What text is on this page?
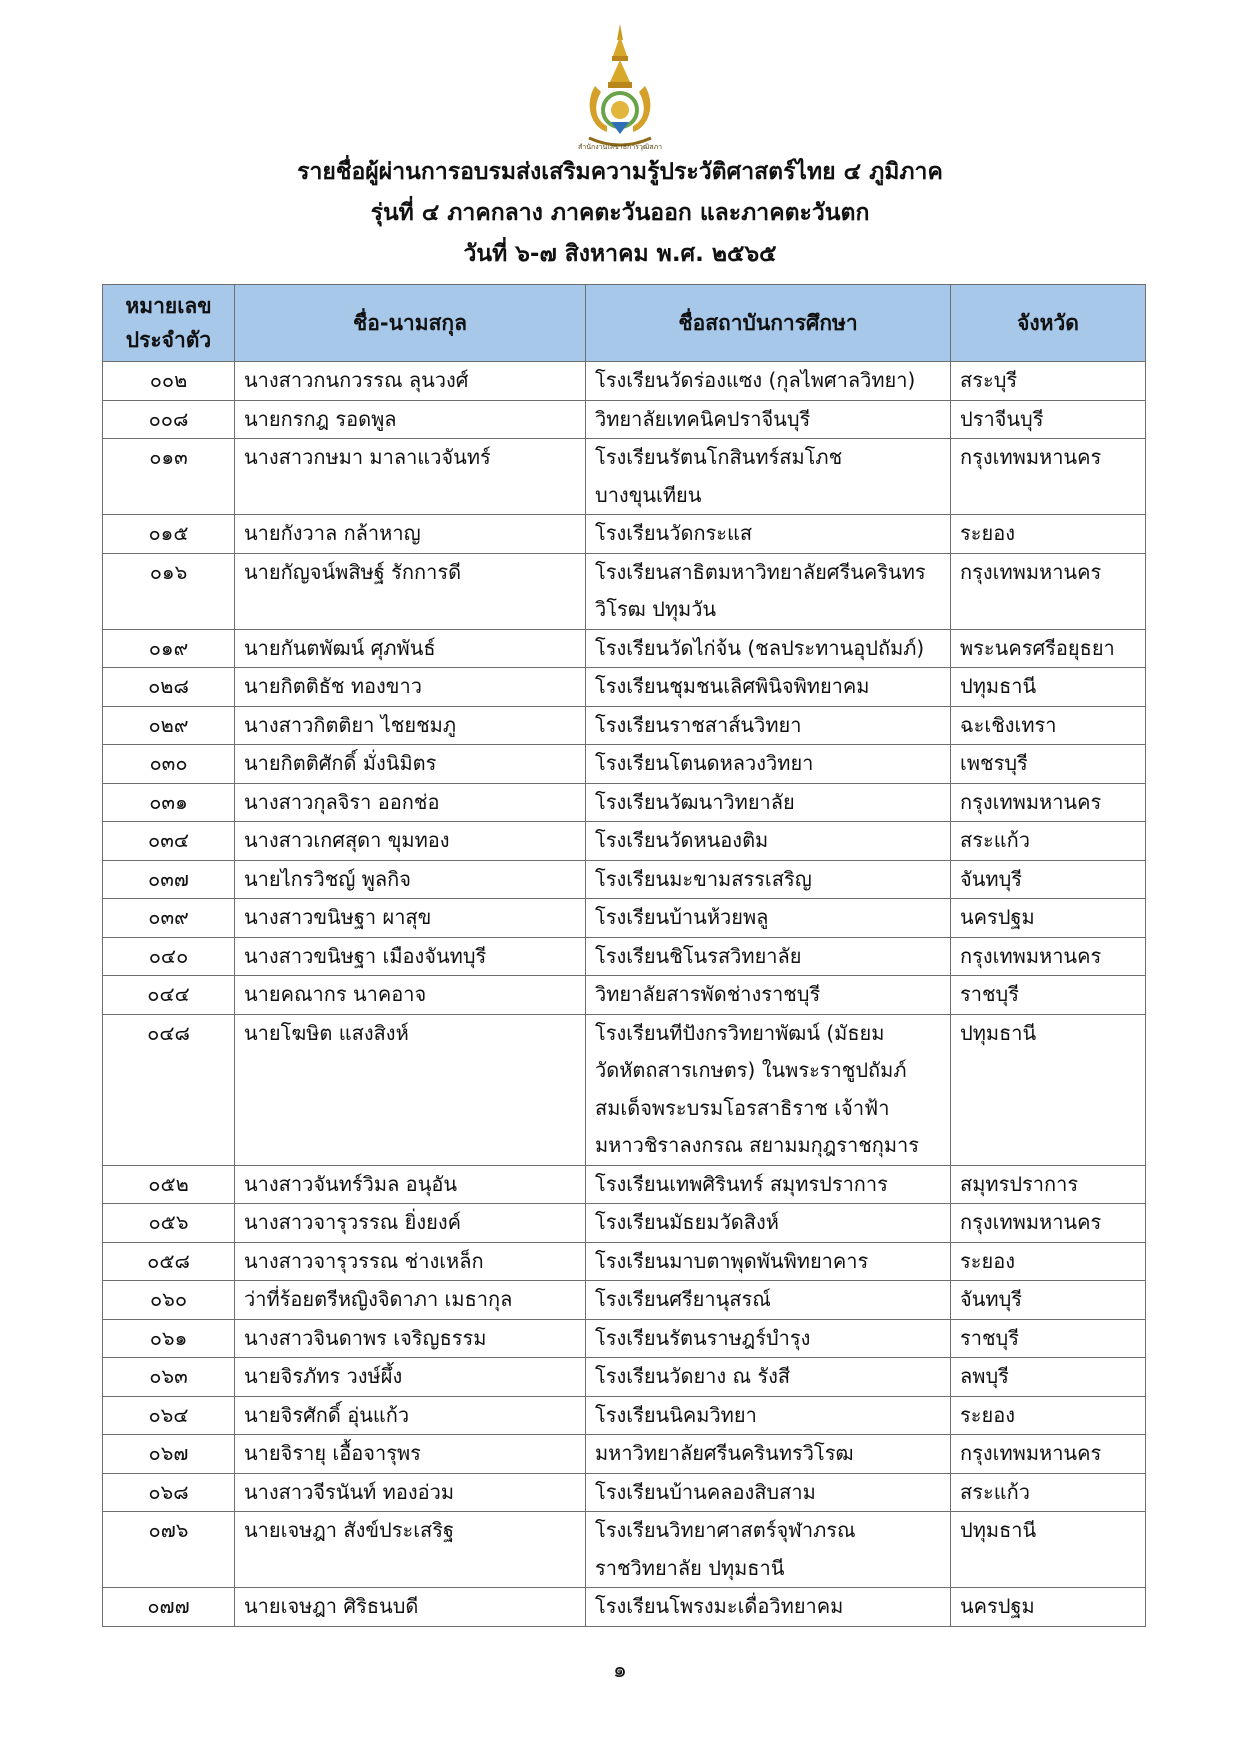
สำนักงานเลขาธิการวุฒิสภา
รายชื่อผู้ผ่านการอบรมส่งเสริมความรู้ประวัติศาสตร์ไทย ๔ ภูมิภาค
รุ่นที่ ๔ ภาคกลาง ภาคตะวันออก และภาคตะวันตก
วันที่ ๖-๗ สิงหาคม พ.ศ. ๒๕๖๕
หมายเลข
ประจำตัว	ชื่อ-นามสกุล	ชื่อสถาบันการศึกษา	จังหวัด
๐๐๒	นางสาวกนกวรรณ ลุนวงศ์	โรงเรียนวัดร่องแซง (กุลไพศาลวิทยา)	สระบุรี
๐๐๘	นายกรกฎ รอดพูล	วิทยาลัยเทคนิคปราจีนบุรี	ปราจีนบุรี
๐๑๓	นางสาวกษมา มาลาแวจันทร์	โรงเรียนรัตนโกสินทร์สมโภช
บางขุนเทียน	กรุงเทพมหานคร
๐๑๕	นายกังวาล กล้าหาญ	โรงเรียนวัดกระแส	ระยอง
๐๑๖	นายกัญจน์พสิษฐ์ รักการดี	โรงเรียนสาธิตมหาวิทยาลัยศรีนครินทร
วิโรฒ ปทุมวัน	กรุงเทพมหานคร
๐๑๙	นายกันตพัฒน์ ศุภพันธ์	โรงเรียนวัดไก่จ้น (ชลประทานอุปถัมภ์)	พระนครศรีอยุธยา
๐๒๘	นายกิตติธัช ทองขาว	โรงเรียนชุมชนเลิศพินิจพิทยาคม	ปทุมธานี
๐๒๙	นางสาวกิตติยา ไชยชมภู	โรงเรียนราชสาส์นวิทยา	ฉะเชิงเทรา
๐๓๐	นายกิตติศักดิ์ มั่งนิมิตร	โรงเรียนโตนดหลวงวิทยา	เพชรบุรี
๐๓๑	นางสาวกุลจิรา ออกช่อ	โรงเรียนวัฒนาวิทยาลัย	กรุงเทพมหานคร
๐๓๔	นางสาวเกศสุดา ขุมทอง	โรงเรียนวัดหนองติม	สระแก้ว
๐๓๗	นายไกรวิชญ์ พูลกิจ	โรงเรียนมะขามสรรเสริญ	จันทบุรี
๐๓๙	นางสาวขนิษฐา ผาสุข	โรงเรียนบ้านห้วยพลู	นครปฐม
๐๔๐	นางสาวขนิษฐา เมืองจันทบุรี	โรงเรียนชิโนรสวิทยาลัย	กรุงเทพมหานคร
๐๔๔	นายคณากร นาคอาจ	วิทยาลัยสารพัดช่างราชบุรี	ราชบุรี
๐๔๘	นายโฆษิต แสงสิงห์	โรงเรียนทีปังกรวิทยาพัฒน์ (มัธยม
วัดหัตถสารเกษตร) ในพระราชูปถัมภ์
สมเด็จพระบรมโอรสาธิราช เจ้าฟ้า
มหาวชิราลงกรณ สยามมกุฎราชกุมาร	ปทุมธานี
๐๕๒	นางสาวจันทร์วิมล อนุอัน	โรงเรียนเทพศิรินทร์ สมุทรปราการ	สมุทรปราการ
๐๕๖	นางสาวจารุวรรณ ยิ่งยงค์	โรงเรียนมัธยมวัดสิงห์	กรุงเทพมหานคร
๐๕๘	นางสาวจารุวรรณ ช่างเหล็ก	โรงเรียนมาบตาพุดพันพิทยาคาร	ระยอง
๐๖๐	ว่าที่ร้อยตรีหญิงจิดาภา เมธากุล	โรงเรียนศรียานุสรณ์	จันทบุรี
๐๖๑	นางสาวจินดาพร เจริญธรรม	โรงเรียนรัตนราษฎร์บำรุง	ราชบุรี
๐๖๓	นายจิรภัทร วงษ์ผึ้ง	โรงเรียนวัดยาง ณ รังสี	ลพบุรี
๐๖๔	นายจิรศักดิ์ อุ่นแก้ว	โรงเรียนนิคมวิทยา	ระยอง
๐๖๗	นายจิรายุ เอื้อจารุพร	มหาวิทยาลัยศรีนครินทรวิโรฒ	กรุงเทพมหานคร
๐๖๘	นางสาวจีรนันท์ ทองอ่วม	โรงเรียนบ้านคลองสิบสาม	สระแก้ว
๐๗๖	นายเจษฎา สังข์ประเสริฐ	โรงเรียนวิทยาศาสตร์จุฬาภรณ
ราชวิทยาลัย ปทุมธานี	ปทุมธานี
๐๗๗	นายเจษฎา ศิริธนบดี	โรงเรียนโพรงมะเดื่อวิทยาคม	นครปฐม
๑
